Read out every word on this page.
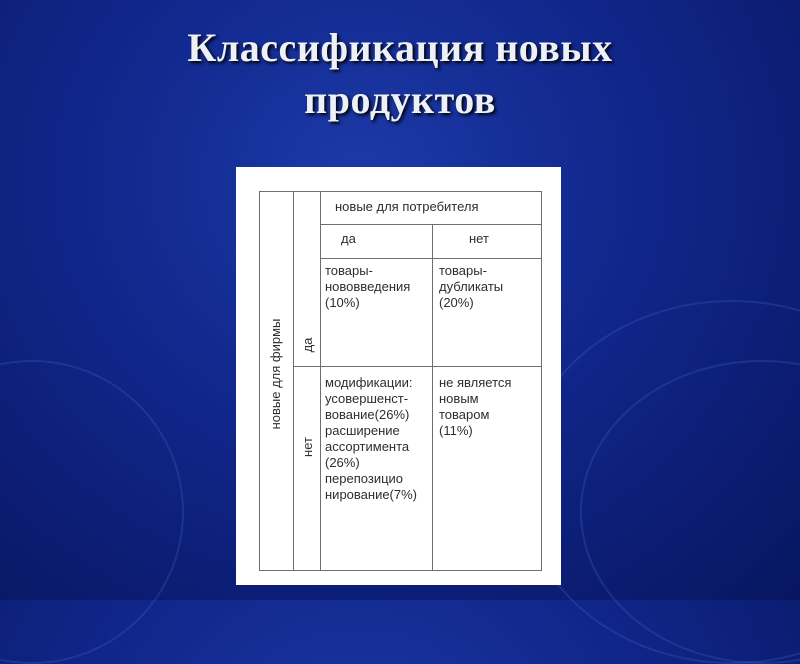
Классификация новых
продуктов
новые для фирмы да
нет
новые для потребителя
да	нет
товары-
нововведения
(10%)
товары-
дубликаты
(20%)
модификации:
усовершенст-
вование(26%)
расширение
ассортимента
(26%)
перепозицио
нирование(7%)
не является
новым
товаром
(11%)
